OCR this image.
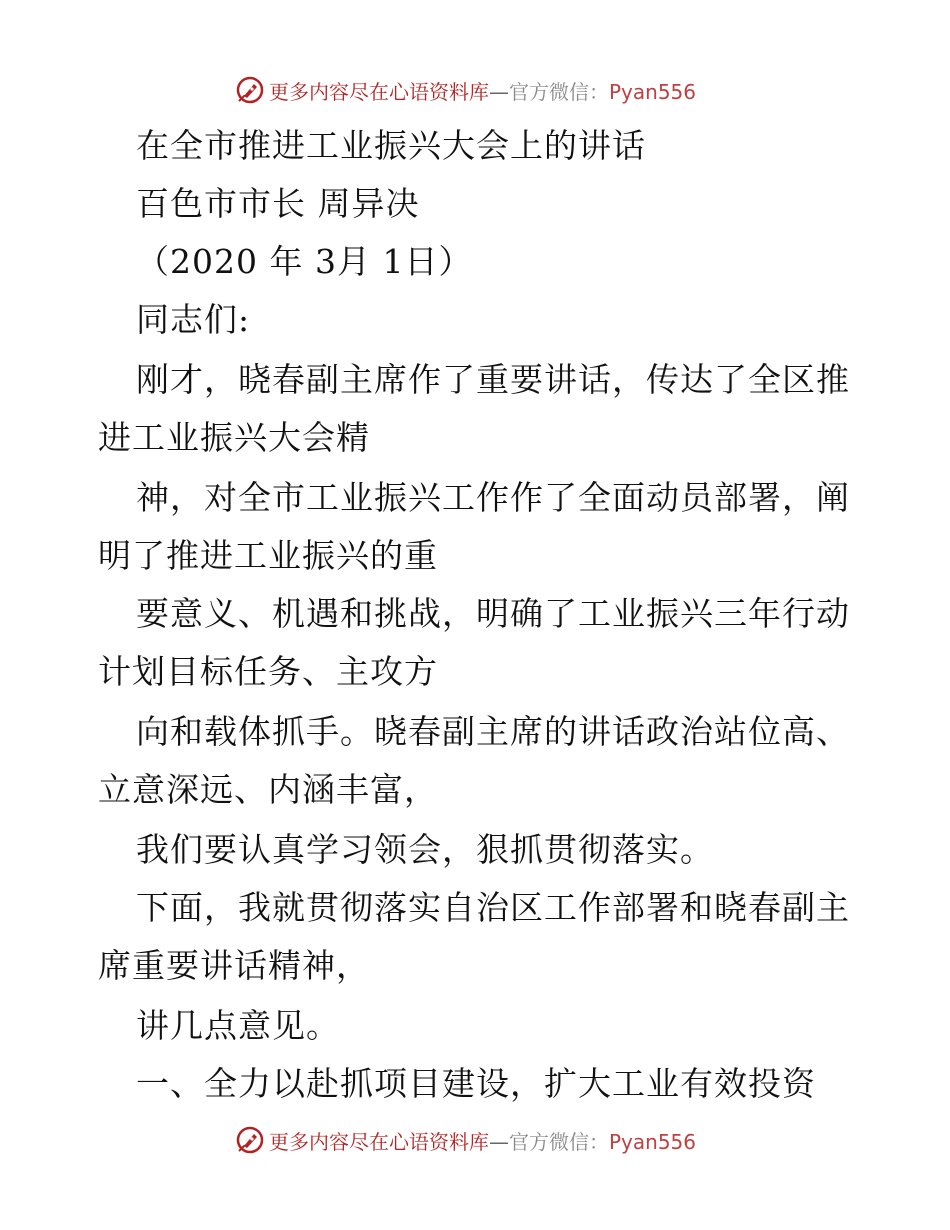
更多内容尽在心语资料库—官方微信：Pyan556
在全市推进工业振兴大会上的讲话
百色市市长 周异决
（2020 年 3月 1日）
同志们:
刚才，晓春副主席作了重要讲话，传达了全区推
进工业振兴大会精
神，对全市工业振兴工作作了全面动员部署，阐
明了推进工业振兴的重
要意义、机遇和挑战，明确了工业振兴三年行动
计划目标任务、主攻方
向和载体抓手。晓春副主席的讲话政治站位高、
立意深远、内涵丰富，
我们要认真学习领会，狠抓贯彻落实。
下面，我就贯彻落实自治区工作部署和晓春副主
席重要讲话精神，
讲几点意见。
一、全力以赴抓项目建设，扩大工业有效投资
更多内容尽在心语资料库—官方微信：Pyan556
